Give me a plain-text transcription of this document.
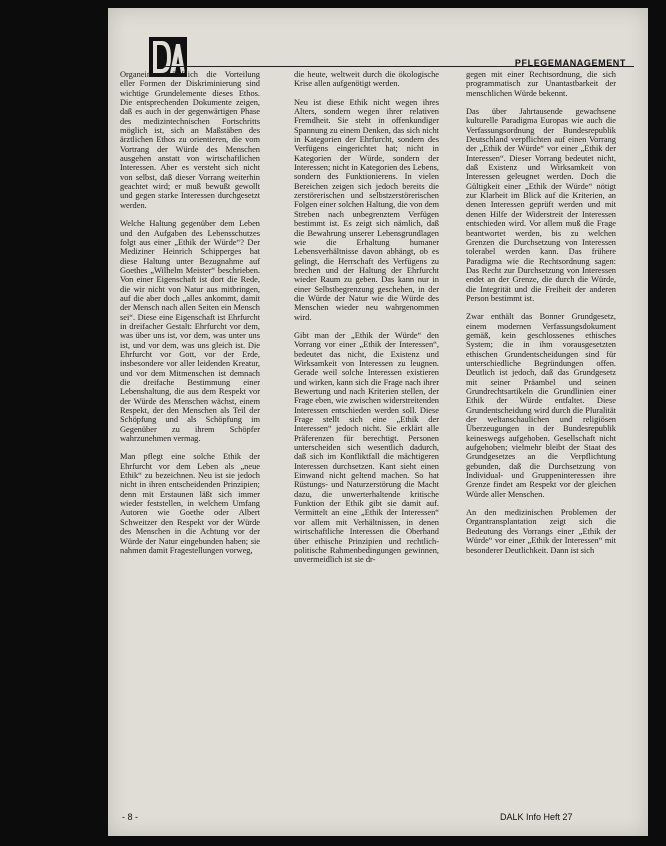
PFLEGEMANAGEMENT

Organeinverschließlich die Vorteilung eller Formen der Diskriminierung sind wichtige Grundelemente dieses Ethos. Die entsprechenden Dokumente zeigen, daß es auch in der gegenwärtigen Phase des medizintechnischen Fortschritts möglich ist, sich an Maßstäben des ärztlichen Ethos zu orientieren, die vom Vortrang der Würde des Menschen ausgehen anstatt von wirtschaftlichen Interessen. Aber es versteht sich nicht von selbst, daß dieser Vorrang weiterhin geachtet wird; er muß bewußt gewollt und gegen starke Interessen durchgesetzt werden.

Welche Haltung gegenüber dem Leben und den Aufgaben des Lebensschutzes folgt aus einer „Ethik der Würde“? Der Mediziner Heinrich Schipperges hat diese Haltung unter Bezugnahme auf Goethes „Wilhelm Meister“ beschrieben. Von einer Eigenschaft ist dort die Rede, die wir nicht von Natur aus mitbringen, auf die aber doch „alles ankommt, damit der Mensch nach allen Seiten ein Mensch sei“. Diese eine Eigenschaft ist Ehrfurcht in dreifacher Gestalt: Ehrfurcht vor dem, was über uns ist, vor dem, was unter uns ist, und vor dem, was uns gleich ist. Die Ehrfurcht vor Gott, vor der Erde, insbesondere vor aller leidenden Kreatur, und vor dem Mitmenschen ist demnach die dreifache Bestimmung einer Lebenshaltung, die aus dem Respekt vor der Würde des Menschen wächst, einem Respekt, der den Menschen als Teil der Schöpfung und als Schöpfung im Gegenüber zu ihrem Schöpfer wahrzunehmen vermag.

Man pflegt eine solche Ethik der Ehrfurcht vor dem Leben als „neue Ethik“ zu bezeichnen. Neu ist sie jedoch nicht in ihren entscheidenden Prinzipien; denn mit Erstaunen läßt sich immer wieder feststellen, in welchem Umfang Autoren wie Goethe oder Albert Schweitzer den Respekt vor der Würde des Menschen in die Achtung vor der Würde der Natur eingebunden haben; sie nahmen damit Fragestellungen vorweg,

die heute, weltweit durch die ökologische Krise allen aufgenötigt werden.

Neu ist diese Ethik nicht wegen ihres Alters, sondern wegen ihrer relativen Fremdheit. Sie steht in offenkundiger Spannung zu einem Denken, das sich nicht in Kategorien der Ehrfurcht, sondern des Verfügens eingerichtet hat; nicht in Kategorien der Würde, sondern der Interessen; nicht in Kategorien des Lebens, sondern des Funktionierens. In vielen Bereichen zeigen sich jedoch bereits die zerstörerischen und selbstzerstörerischen Folgen einer solchen Haltung, die von dem Streben nach unbegrenztem Verfügen bestimmt ist. Es zeigt sich nämlich, daß die Bewahrung unserer Lebensgrundlagen wie die Erhaltung humaner Lebensverhältnisse davon abhängt, ob es gelingt, die Herrschaft des Verfügens zu brechen und der Haltung der Ehrfurcht wieder Raum zu geben. Das kann nur in einer Selbstbegrenzung geschehen, in der die Würde der Natur wie die Würde des Menschen wieder neu wahrgenommen wird.

Gibt man der „Ethik der Würde“ den Vorrang vor einer „Ethik der Interessen“, bedeutet das nicht, die Existenz und Wirksamkeit von Interessen zu leugnen. Gerade weil solche Interessen existieren und wirken, kann sich die Frage nach ihrer Bewertung und nach Kriterien stellen, der Frage eben, wie zwischen widerstreitenden Interessen entschieden werden soll. Diese Frage stellt sich eine „Ethik der Interessen“ jedoch nicht. Sie erklärt alle Präferenzen für berechtigt. Personen unterscheiden sich wesentlich dadurch, daß sich im Konfliktfall die mächtigeren Interessen durchsetzen. Kant sieht einen Einwand nicht geltend machen. So hat Rüstungs- und Naturzerstörung die Macht dazu, die unwerterhaltende kritische Funktion der Ethik gibt sie damit auf. Vermittelt an eine „Ethik der Interessen“ vor allem mit Verhältnissen, in denen wirtschaftliche Interessen die Oberhand über ethische Prinzipien und rechtlich-politische Rahmenbedingungen gewinnen, unvermeidlich ist sie dr-

gegen mit einer Rechtsordnung, die sich programmatisch zur Unantastbarkeit der menschlichen Würde bekennt.

Das über Jahrtausende gewachsene kulturelle Paradigma Europas wie auch die Verfassungsordnung der Bundesrepublik Deutschland verpflichten auf einen Vorrang der „Ethik der Würde“ vor einer „Ethik der Interessen“. Dieser Vorrang bedeutet nicht, daß Existenz und Wirksamkeit von Interessen geleugnet werden. Doch die Gültigkeit einer „Ethik der Würde“ nötigt zur Klarheit im Blick auf die Kriterien, an denen Interessen geprüft werden und mit denen Hilfe der Widerstreit der Interessen entschieden wird. Vor allem muß die Frage beantwortet werden, bis zu welchen Grenzen die Durchsetzung von Interessen tolerabel werden kann. Das frühere Paradigma wie die Rechtsordnung sagen: Das Recht zur Durchsetzung von Interessen endet an der Grenze, die durch die Würde, die Integrität und die Freiheit der anderen Person bestimmt ist.

Zwar enthält das Bonner Grundgesetz, einem modernen Verfassungsdokument gemäß, kein geschlossenes ethisches System; die in ihm vorausgesetzten ethischen Grundentscheidungen sind für unterschiedliche Begründungen offen. Deutlich ist jedoch, daß das Grundgesetz mit seiner Präambel und seinen Grundrechtsartikeln die Grundlinien einer Ethik der Würde entfaltet. Diese Grundentscheidung wird durch die Pluralität der weltanschaulichen und religiösen Überzeugungen in der Bundesrepublik keineswegs aufgehoben. Gesellschaft nicht aufgehoben; vielmehr bleibt der Staat des Grundgesetzes an die Verpflichtung gebunden, daß die Durchsetzung von Individual- und Gruppeninteressen ihre Grenze findet am Respekt vor der gleichen Würde aller Menschen.

An den medizinischen Problemen der Organtransplantation zeigt sich die Bedeutung des Vorrangs einer „Ethik der Würde“ vor einer „Ethik der Interessen“ mit besonderer Deutlichkeit. Dann ist sich

- 8 -	DALK Info Heft 27
